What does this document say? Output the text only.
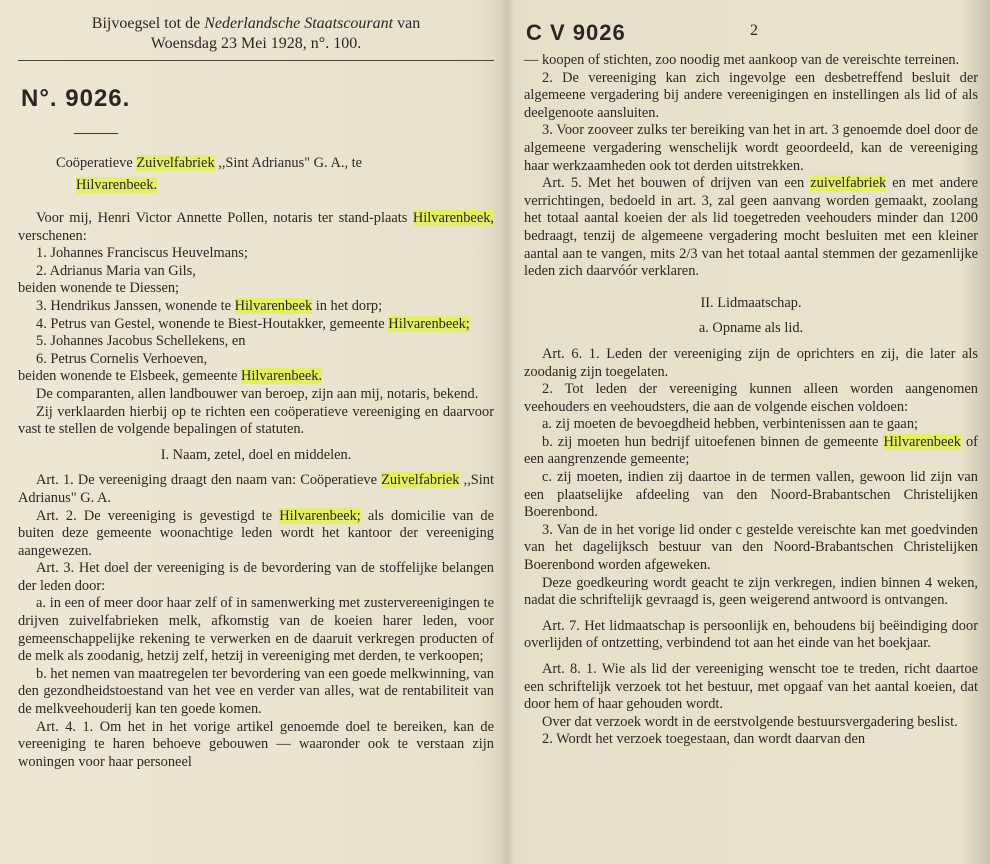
Bijvoegsel tot de Nederlandsche Staatscourant van
Woensdag 23 Mei 1928, n°. 100.
N°. 9026.

Coöperatieve Zuivelfabriek ,,Sint Adrianus" G. A., te

Hilvarenbeek.

Voor mij, Henri Victor Annette Pollen, notaris ter stand-plaats Hilvarenbeek, verschenen:

1. Johannes Franciscus Heuvelmans;

2. Adrianus Maria van Gils,

beiden wonende te Diessen;

3. Hendrikus Janssen, wonende te Hilvarenbeek in het dorp;

4. Petrus van Gestel, wonende te Biest-Houtakker, gemeente Hilvarenbeek;

5. Johannes Jacobus Schellekens, en

6. Petrus Cornelis Verhoeven,

beiden wonende te Elsbeek, gemeente Hilvarenbeek.

De comparanten, allen landbouwer van beroep, zijn aan mij, notaris, bekend.

Zij verklaarden hierbij op te richten een coöperatieve vereeniging en daarvoor vast te stellen de volgende bepalingen of statuten.

I. Naam, zetel, doel en middelen.

Art. 1. De vereeniging draagt den naam van: Coöperatieve Zuivelfabriek ,,Sint Adrianus" G. A.

Art. 2. De vereeniging is gevestigd te Hilvarenbeek; als domicilie van de buiten deze gemeente woonachtige leden wordt het kantoor der vereeniging aangewezen.

Art. 3. Het doel der vereeniging is de bevordering van de stoffelijke belangen der leden door:

a. in een of meer door haar zelf of in samenwerking met zustervereenigingen te drijven zuivelfabrieken melk, afkomstig van de koeien harer leden, voor gemeenschappelijke rekening te verwerken en de daaruit verkregen producten of de melk als zoodanig, hetzij zelf, hetzij in vereeniging met derden, te verkoopen;

b. het nemen van maatregelen ter bevordering van een goede melkwinning, van den gezondheidstoestand van het vee en verder van alles, wat de rentabiliteit van de melkveehouderij kan ten goede komen.

Art. 4. 1. Om het in het vorige artikel genoemde doel te bereiken, kan de vereeniging te haren behoeve gebouwen — waaronder ook te verstaan zijn woningen voor haar personeel

C V 9026	2

— koopen of stichten, zoo noodig met aankoop van de vereischte terreinen.

2. De vereeniging kan zich ingevolge een desbetreffend besluit der algemeene vergadering bij andere vereenigingen en instellingen als lid of als deelgenoote aansluiten.

3. Voor zooveer zulks ter bereiking van het in art. 3 genoemde doel door de algemeene vergadering wenschelijk wordt geoordeeld, kan de vereeniging haar werkzaamheden ook tot derden uitstrekken.

Art. 5. Met het bouwen of drijven van een zuivelfabriek en met andere verrichtingen, bedoeld in art. 3, zal geen aanvang worden gemaakt, zoolang het totaal aantal koeien der als lid toegetreden veehouders minder dan 1200 bedraagt, tenzij de algemeene vergadering mocht besluiten met een kleiner aantal aan te vangen, mits 2/3 van het totaal aantal stemmen der gezamenlijke leden zich daarvóór verklaren.

II. Lidmaatschap.

a. Opname als lid.

Art. 6. 1. Leden der vereeniging zijn de oprichters en zij, die later als zoodanig zijn toegelaten.

2. Tot leden der vereeniging kunnen alleen worden aangenomen veehouders en veehoudsters, die aan de volgende eischen voldoen:

a. zij moeten de bevoegdheid hebben, verbintenissen aan te gaan;

b. zij moeten hun bedrijf uitoefenen binnen de gemeente Hilvarenbeek of een aangrenzende gemeente;

c. zij moeten, indien zij daartoe in de termen vallen, gewoon lid zijn van een plaatselijke afdeeling van den Noord-Brabantschen Christelijken Boerenbond.

3. Van de in het vorige lid onder c gestelde vereischte kan met goedvinden van het dagelijksch bestuur van den Noord-Brabantschen Christelijken Boerenbond worden afgeweken.

Deze goedkeuring wordt geacht te zijn verkregen, indien binnen 4 weken, nadat die schriftelijk gevraagd is, geen weigerend antwoord is ontvangen.

Art. 7. Het lidmaatschap is persoonlijk en, behoudens bij beëindiging door overlijden of ontzetting, verbindend tot aan het einde van het boekjaar.

Art. 8. 1. Wie als lid der vereeniging wenscht toe te treden, richt daartoe een schriftelijk verzoek tot het bestuur, met opgaaf van het aantal koeien, dat door hem of haar gehouden wordt.

Over dat verzoek wordt in de eerstvolgende bestuursvergadering beslist.

2. Wordt het verzoek toegestaan, dan wordt daarvan den
